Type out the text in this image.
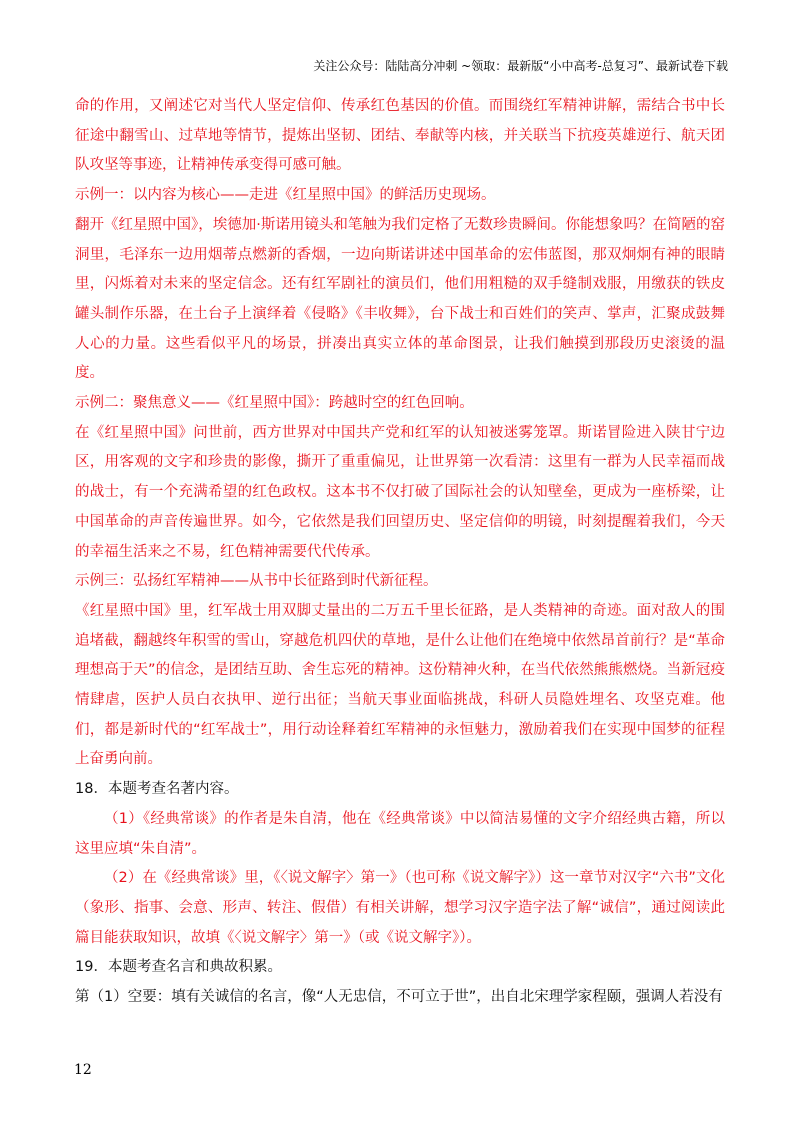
关注公众号：陆陆高分冲刺 ~领取：最新版“小中高考-总复习”、最新试卷下载

命的作用，又阐述它对当代人坚定信仰、传承红色基因的价值。而围绕红军精神讲解，需结合书中长征途中翻雪山、过草地等情节，提炼出坚韧、团结、奉献等内核，并关联当下抗疫英雄逆行、航天团队攻坚等事迹，让精神传承变得可感可触。

示例一：以内容为核心——走进《红星照中国》的鲜活历史现场。

翻开《红星照中国》，埃德加·斯诺用镜头和笔触为我们定格了无数珍贵瞬间。你能想象吗？在简陋的窑洞里，毛泽东一边用烟蒂点燃新的香烟，一边向斯诺讲述中国革命的宏伟蓝图，那双炯炯有神的眼睛里，闪烁着对未来的坚定信念。还有红军剧社的演员们，他们用粗糙的双手缝制戏服，用缴获的铁皮罐头制作乐器，在土台子上演绎着《侵略》《丰收舞》，台下战士和百姓们的笑声、掌声，汇聚成鼓舞人心的力量。这些看似平凡的场景，拼凑出真实立体的革命图景，让我们触摸到那段历史滚烫的温度。

示例二：聚焦意义——《红星照中国》：跨越时空的红色回响。

在《红星照中国》问世前，西方世界对中国共产党和红军的认知被迷雾笼罩。斯诺冒险进入陕甘宁边区，用客观的文字和珍贵的影像，撕开了重重偏见，让世界第一次看清：这里有一群为人民幸福而战的战士，有一个充满希望的红色政权。这本书不仅打破了国际社会的认知壁垒，更成为一座桥梁，让中国革命的声音传遍世界。如今，它依然是我们回望历史、坚定信仰的明镜，时刻提醒着我们，今天的幸福生活来之不易，红色精神需要代代传承。

示例三：弘扬红军精神——从书中长征路到时代新征程。

《红星照中国》里，红军战士用双脚丈量出的二万五千里长征路，是人类精神的奇迹。面对敌人的围追堵截，翻越终年积雪的雪山，穿越危机四伏的草地，是什么让他们在绝境中依然昂首前行？是“革命理想高于天”的信念，是团结互助、舍生忘死的精神。这份精神火种，在当代依然熊熊燃烧。当新冠疫情肆虐，医护人员白衣执甲、逆行出征；当航天事业面临挑战，科研人员隐姓埋名、攻坚克难。他们，都是新时代的“红军战士”，用行动诠释着红军精神的永恒魅力，激励着我们在实现中国梦的征程上奋勇向前。

18．本题考查名著内容。

（1）《经典常谈》的作者是朱自清，他在《经典常谈》中以简洁易懂的文字介绍经典古籍，所以这里应填“朱自清”。

（2）在《经典常谈》里，《〈说文解字〉第一》（也可称《说文解字》）这一章节对汉字“六书”文化（象形、指事、会意、形声、转注、假借）有相关讲解，想学习汉字造字法了解“诚信”，通过阅读此篇目能获取知识，故填《〈说文解字〉第一》（或《说文解字》）。

19．本题考查名言和典故积累。

第（1）空要：填有关诚信的名言，像“人无忠信，不可立于世”，出自北宋理学家程颐，强调人若没有

12
